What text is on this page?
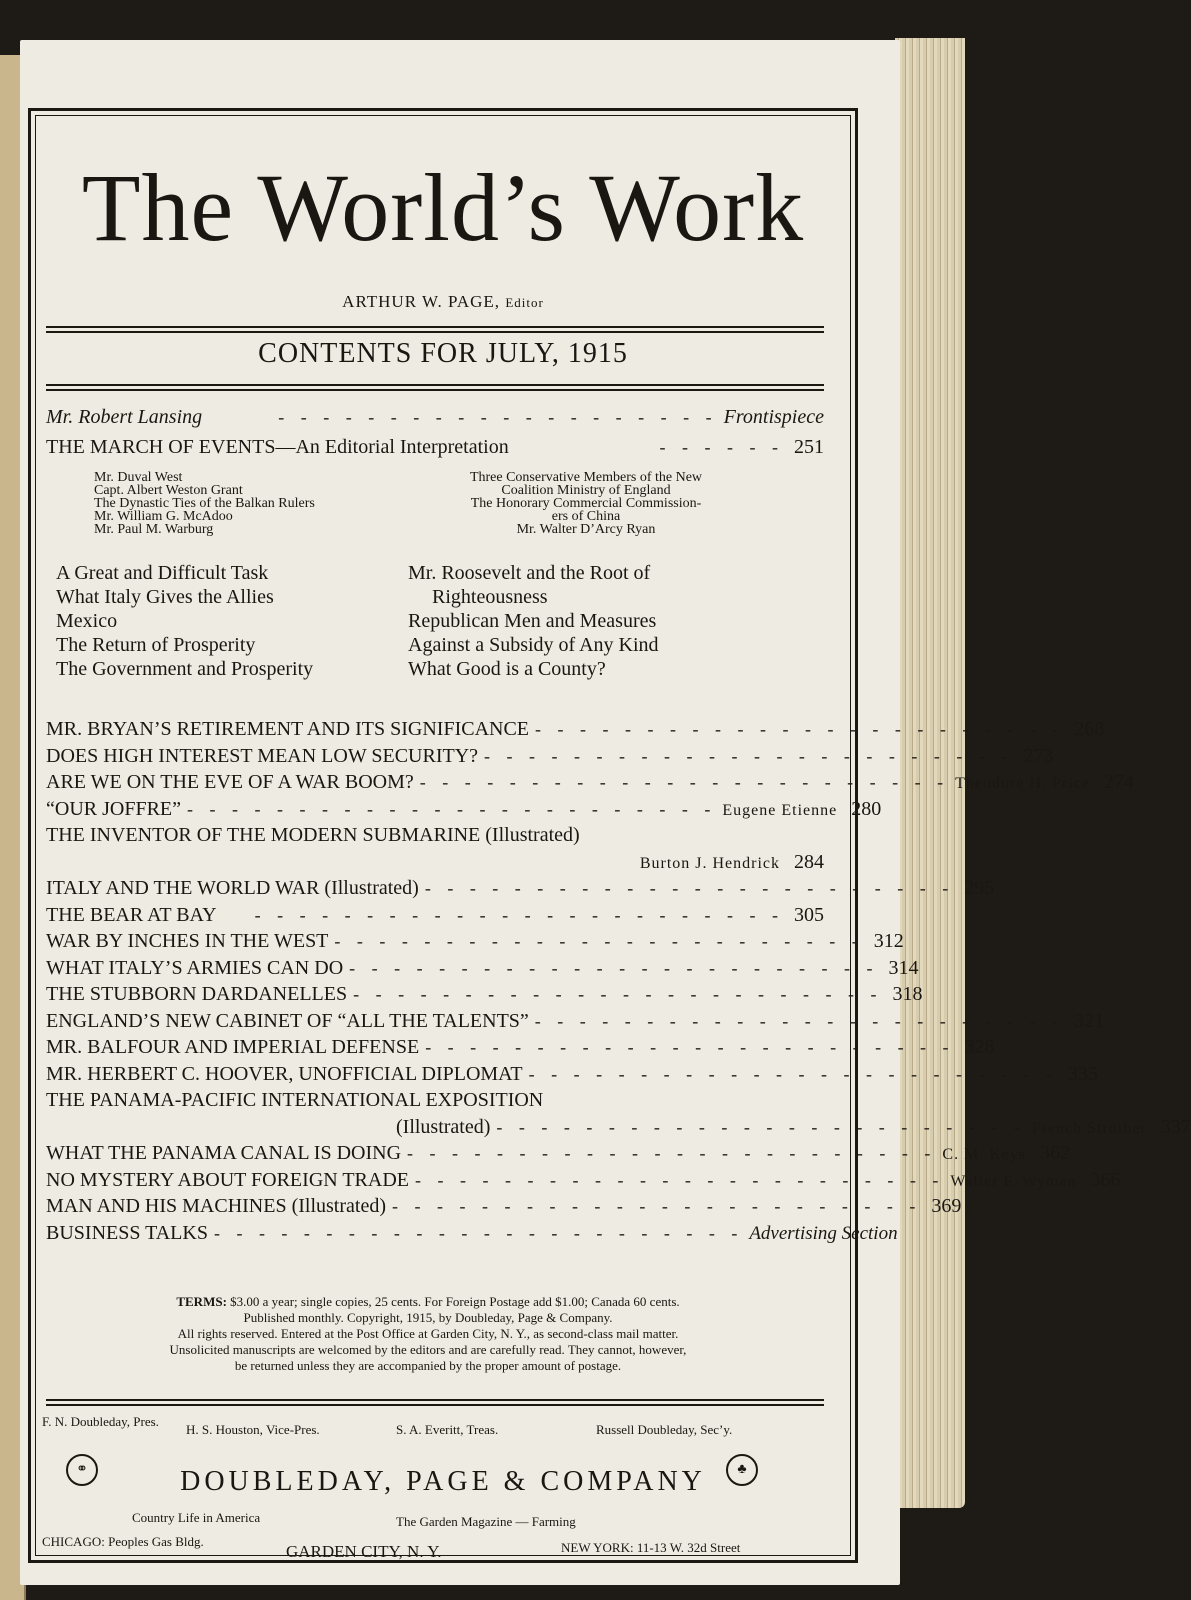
The World’s Work
ARTHUR W. PAGE, Editor
CONTENTS FOR JULY, 1915
Mr. Robert Lansing	- - - - - - - - - - - - - - - - - - - - Frontispiece
THE MARCH OF EVENTS—An Editorial Interpretation	- - - - - - 251
Mr. Duval West
Capt. Albert Weston Grant
The Dynastic Ties of the Balkan Rulers
Mr. William G. McAdoo
Mr. Paul M. Warburg
Three Conservative Members of the New
Coalition Ministry of England
The Honorary Commercial Commission-
ers of China
Mr. Walter D’Arcy Ryan
A Great and Difficult Task
What Italy Gives the Allies
Mexico
The Return of Prosperity
The Government and Prosperity
Mr. Roosevelt and the Root of
Righteousness
Republican Men and Measures
Against a Subsidy of Any Kind
What Good is a County?
MR. BRYAN’S RETIREMENT AND ITS SIGNIFICANCE - - - - - - - - - - - - - - - - - - - - - - - - 268
DOES HIGH INTEREST MEAN LOW SECURITY? - - - - - - - - - - - - - - - - - - - - - - - - 273
ARE WE ON THE EVE OF A WAR BOOM? - - - - - - - - - - - - - - - - - - - - - - - - Theodore H. Price 274
“OUR JOFFRE” - - - - - - - - - - - - - - - - - - - - - - - - Eugene Etienne 280
THE INVENTOR OF THE MODERN SUBMARINE (Illustrated)
Burton J. Hendrick 284
ITALY AND THE WORLD WAR (Illustrated) - - - - - - - - - - - - - - - - - - - - - - - - 295
THE BEAR AT BAY	- - - - - - - - - - - - - - - - - - - - - - - - 305
WAR BY INCHES IN THE WEST - - - - - - - - - - - - - - - - - - - - - - - - 312
WHAT ITALY’S ARMIES CAN DO - - - - - - - - - - - - - - - - - - - - - - - - 314
THE STUBBORN DARDANELLES - - - - - - - - - - - - - - - - - - - - - - - - 318
ENGLAND’S NEW CABINET OF “ALL THE TALENTS” - - - - - - - - - - - - - - - - - - - - - - - - 321
MR. BALFOUR AND IMPERIAL DEFENSE - - - - - - - - - - - - - - - - - - - - - - - - 328
MR. HERBERT C. HOOVER, UNOFFICIAL DIPLOMAT - - - - - - - - - - - - - - - - - - - - - - - - 335
THE PANAMA-PACIFIC INTERNATIONAL EXPOSITION
(Illustrated) - - - - - - - - - - - - - - - - - - - - - - - - French Strother 337
WHAT THE PANAMA CANAL IS DOING - - - - - - - - - - - - - - - - - - - - - - - - C. M. Keys 362
NO MYSTERY ABOUT FOREIGN TRADE - - - - - - - - - - - - - - - - - - - - - - - - Walter F. Wyman 366
MAN AND HIS MACHINES (Illustrated) - - - - - - - - - - - - - - - - - - - - - - - - 369
BUSINESS TALKS - - - - - - - - - - - - - - - - - - - - - - - - Advertising Section
TERMS: $3.00 a year; single copies, 25 cents. For Foreign Postage add $1.00; Canada 60 cents.
Published monthly. Copyright, 1915, by Doubleday, Page & Company.
All rights reserved. Entered at the Post Office at Garden City, N. Y., as second-class mail matter.
Unsolicited manuscripts are welcomed by the editors and are carefully read. They cannot, however,
be returned unless they are accompanied by the proper amount of postage.
F. N. Doubleday, Pres.
H. S. Houston, Vice-Pres.	S. A. Everitt, Treas.	Russell Doubleday, Sec’y.
⚭	♣
DOUBLEDAY, PAGE & COMPANY
Country Life in America	The Garden Magazine — Farming
CHICAGO: Peoples Gas Bldg.
GARDEN CITY, N. Y.	NEW YORK: 11-13 W. 32d Street
